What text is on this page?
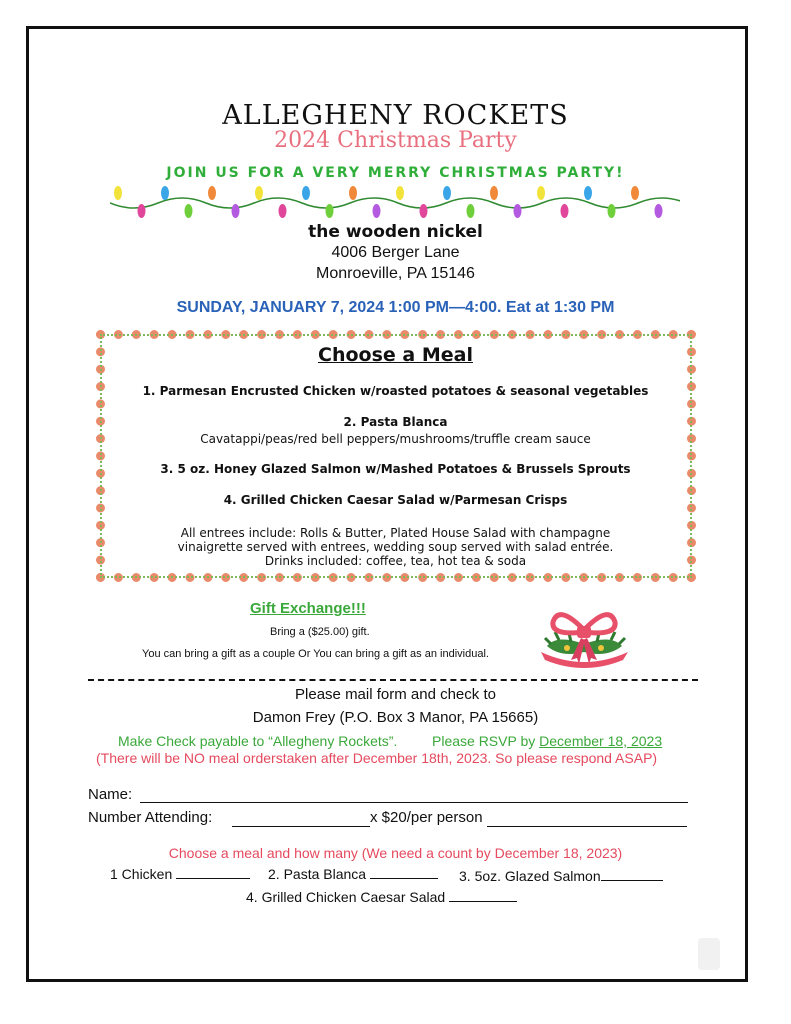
ALLEGHENY ROCKETS
2024 Christmas Party
JOIN US FOR A VERY MERRY CHRISTMAS PARTY!
the wooden nickel
4006 Berger Lane
Monroeville, PA 15146
SUNDAY, JANUARY 7, 2024 1:00 PM—4:00. Eat at 1:30 PM
Choose a Meal
1. Parmesan Encrusted Chicken w/roasted potatoes & seasonal vegetables
2. Pasta Blanca
Cavatappi/peas/red bell peppers/mushrooms/truffle cream sauce
3. 5 oz. Honey Glazed Salmon w/Mashed Potatoes & Brussels Sprouts
4. Grilled Chicken Caesar Salad w/Parmesan Crisps
All entrees include: Rolls & Butter, Plated House Salad with champagne
vinaigrette served with entrees, wedding soup served with salad entrée.
Drinks included: coffee, tea, hot tea & soda
Gift Exchange!!!
Bring a ($25.00) gift.
You can bring a gift as a couple Or You can bring a gift as an individual.
Please mail form and check to
Damon Frey (P.O. Box 3 Manor, PA 15665)
Make Check payable to “Allegheny Rockets”. Please RSVP by December 18, 2023
(There will be NO meal orderstaken after December 18th, 2023. So please respond ASAP)
Name:
Number Attending:	x $20/per person
Choose a meal and how many (We need a count by December 18, 2023)
1 Chicken	2. Pasta Blanca	3. 5oz. Glazed Salmon
4. Grilled Chicken Caesar Salad
